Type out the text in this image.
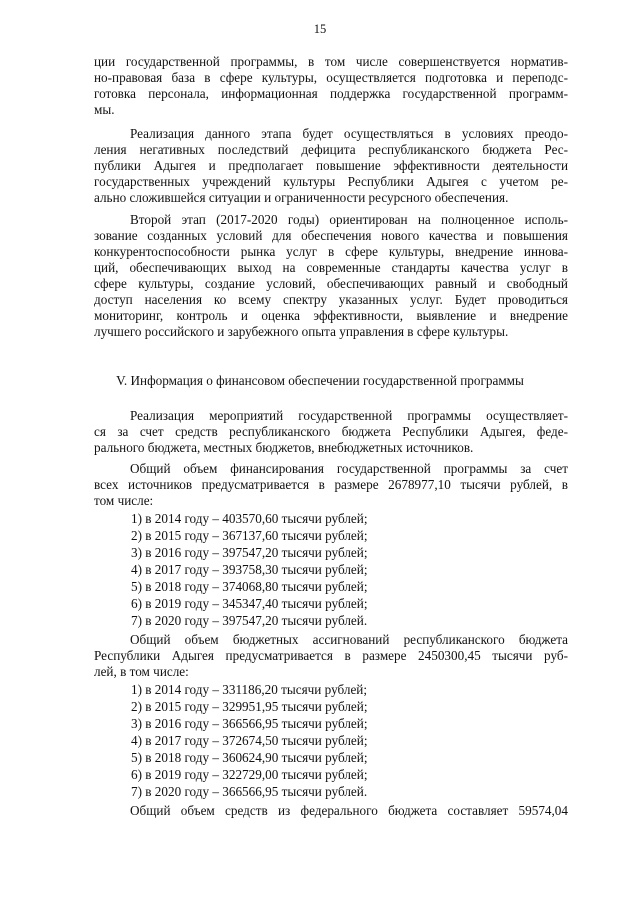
15
ции государственной программы, в том числе совершенствуется норматив-
но-правовая база в сфере культуры, осуществляется подготовка и переподс-
готовка персонала, информационная поддержка государственной программ-
мы.
Реализация данного этапа будет осуществляться в условиях преодо-
ления негативных последствий дефицита республиканского бюджета Рес-
публики Адыгея и предполагает повышение эффективности деятельности
государственных учреждений культуры Республики Адыгея с учетом ре-
ально сложившейся ситуации и ограниченности ресурсного обеспечения.
Второй этап (2017-2020 годы) ориентирован на полноценное исполь-
зование созданных условий для обеспечения нового качества и повышения
конкурентоспособности рынка услуг в сфере культуры, внедрение иннова-
ций, обеспечивающих выход на современные стандарты качества услуг в
сфере культуры, создание условий, обеспечивающих равный и свободный
доступ населения ко всему спектру указанных услуг. Будет проводиться
мониторинг, контроль и оценка эффективности, выявление и внедрение
лучшего российского и зарубежного опыта управления в сфере культуры.
V. Информация о финансовом обеспечении государственной программы
Реализация мероприятий государственной программы осуществляет-
ся за счет средств республиканского бюджета Республики Адыгея, феде-
рального бюджета, местных бюджетов, внебюджетных источников.
Общий объем финансирования государственной программы за счет
всех источников предусматривается в размере 2678977,10 тысячи рублей, в
том числе:
1) в 2014 году – 403570,60 тысячи рублей;
2) в 2015 году – 367137,60 тысячи рублей;
3) в 2016 году – 397547,20 тысячи рублей;
4) в 2017 году – 393758,30 тысячи рублей;
5) в 2018 году – 374068,80 тысячи рублей;
6) в 2019 году – 345347,40 тысячи рублей;
7) в 2020 году – 397547,20 тысячи рублей.
Общий объем бюджетных ассигнований республиканского бюджета
Республики Адыгея предусматривается в размере 2450300,45 тысячи руб-
лей, в том числе:
1) в 2014 году – 331186,20 тысячи рублей;
2) в 2015 году – 329951,95 тысячи рублей;
3) в 2016 году – 366566,95 тысячи рублей;
4) в 2017 году – 372674,50 тысячи рублей;
5) в 2018 году – 360624,90 тысячи рублей;
6) в 2019 году – 322729,00 тысячи рублей;
7) в 2020 году – 366566,95 тысячи рублей.
Общий объем средств из федерального бюджета составляет 59574,04
